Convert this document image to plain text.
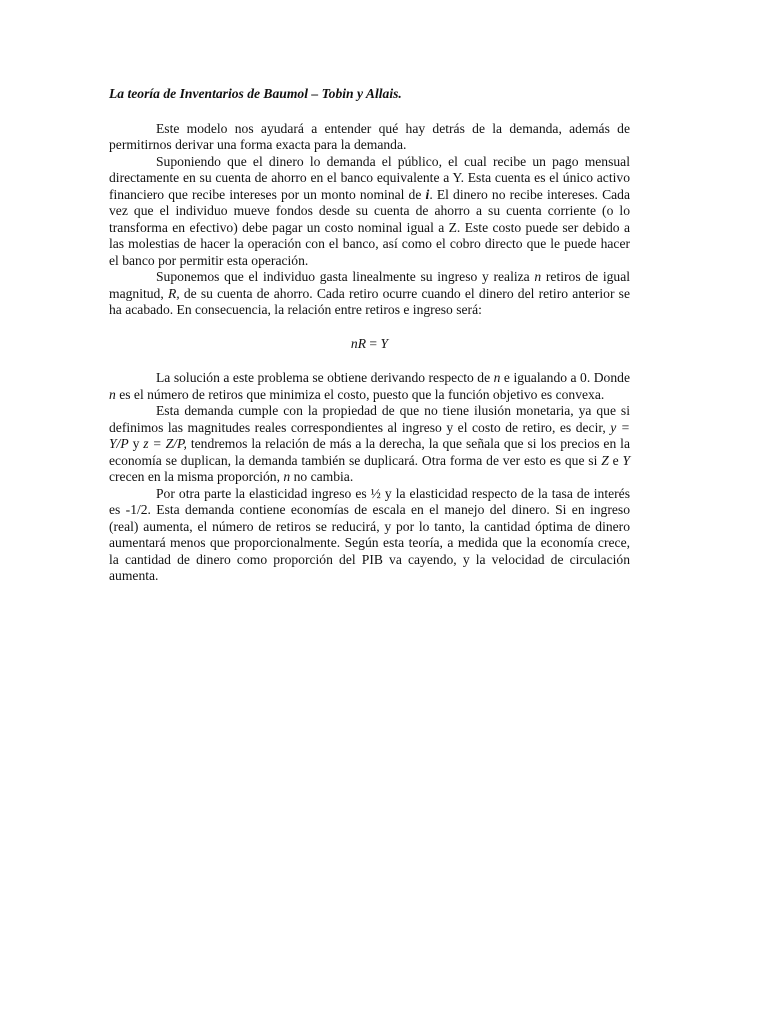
La teoría de Inventarios de Baumol – Tobin y Allais.

Este modelo nos ayudará a entender qué hay detrás de la demanda, además de permitirnos derivar una forma exacta para la demanda.

Suponiendo que el dinero lo demanda el público, el cual recibe un pago mensual directamente en su cuenta de ahorro en el banco equivalente a Y. Esta cuenta es el único activo financiero que recibe intereses por un monto nominal de i. El dinero no recibe intereses. Cada vez que el individuo mueve fondos desde su cuenta de ahorro a su cuenta corriente (o lo transforma en efectivo) debe pagar un costo nominal igual a Z. Este costo puede ser debido a las molestias de hacer la operación con el banco, así como el cobro directo que le puede hacer el banco por permitir esta operación.

Suponemos que el individuo gasta linealmente su ingreso y realiza n retiros de igual magnitud, R, de su cuenta de ahorro. Cada retiro ocurre cuando el dinero del retiro anterior se ha acabado. En consecuencia, la relación entre retiros e ingreso será:

nR = Y

La solución a este problema se obtiene derivando respecto de n e igualando a 0. Donde n es el número de retiros que minimiza el costo, puesto que la función objetivo es convexa.

Esta demanda cumple con la propiedad de que no tiene ilusión monetaria, ya que si definimos las magnitudes reales correspondientes al ingreso y el costo de retiro, es decir, y = Y/P y z = Z/P, tendremos la relación de más a la derecha, la que señala que si los precios en la economía se duplican, la demanda también se duplicará. Otra forma de ver esto es que si Z e Y crecen en la misma proporción, n no cambia.

Por otra parte la elasticidad ingreso es ½ y la elasticidad respecto de la tasa de interés es -1/2. Esta demanda contiene economías de escala en el manejo del dinero. Si en ingreso (real) aumenta, el número de retiros se reducirá, y por lo tanto, la cantidad óptima de dinero aumentará menos que proporcionalmente. Según esta teoría, a medida que la economía crece, la cantidad de dinero como proporción del PIB va cayendo, y la velocidad de circulación aumenta.
